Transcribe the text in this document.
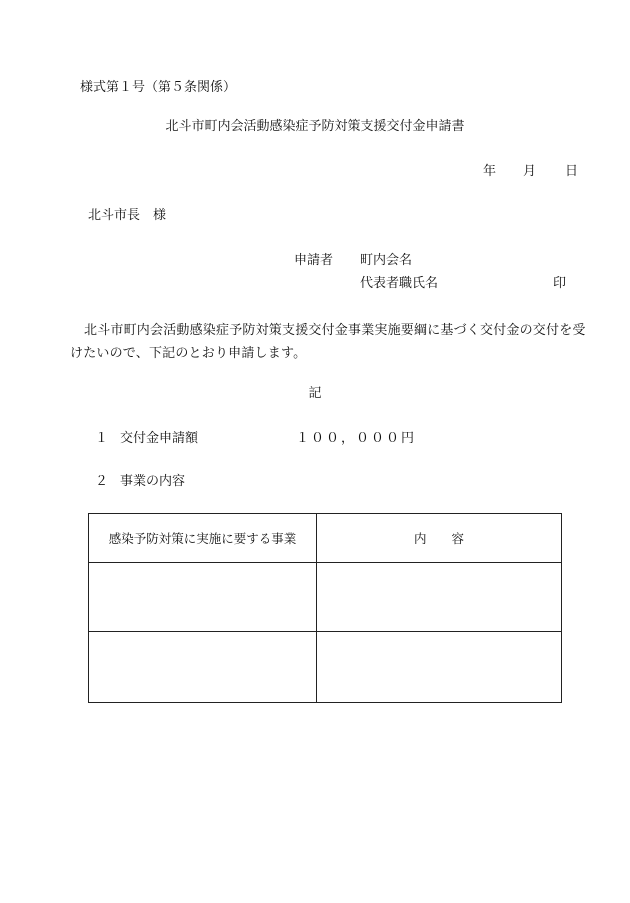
様式第１号（第５条関係）
北斗市町内会活動感染症予防対策支援交付金申請書
年 月 日
北斗市長　様
申請者 町内会名
代表者職氏名	印
北斗市町内会活動感染症予防対策支援交付金事業実施要綱に基づく交付金の交付を受けたいので、下記のとおり申請します。
記
１ 交付金申請額	１００，０００円
２ 事業の内容
感染予防対策に実施に要する事業	内　　容
